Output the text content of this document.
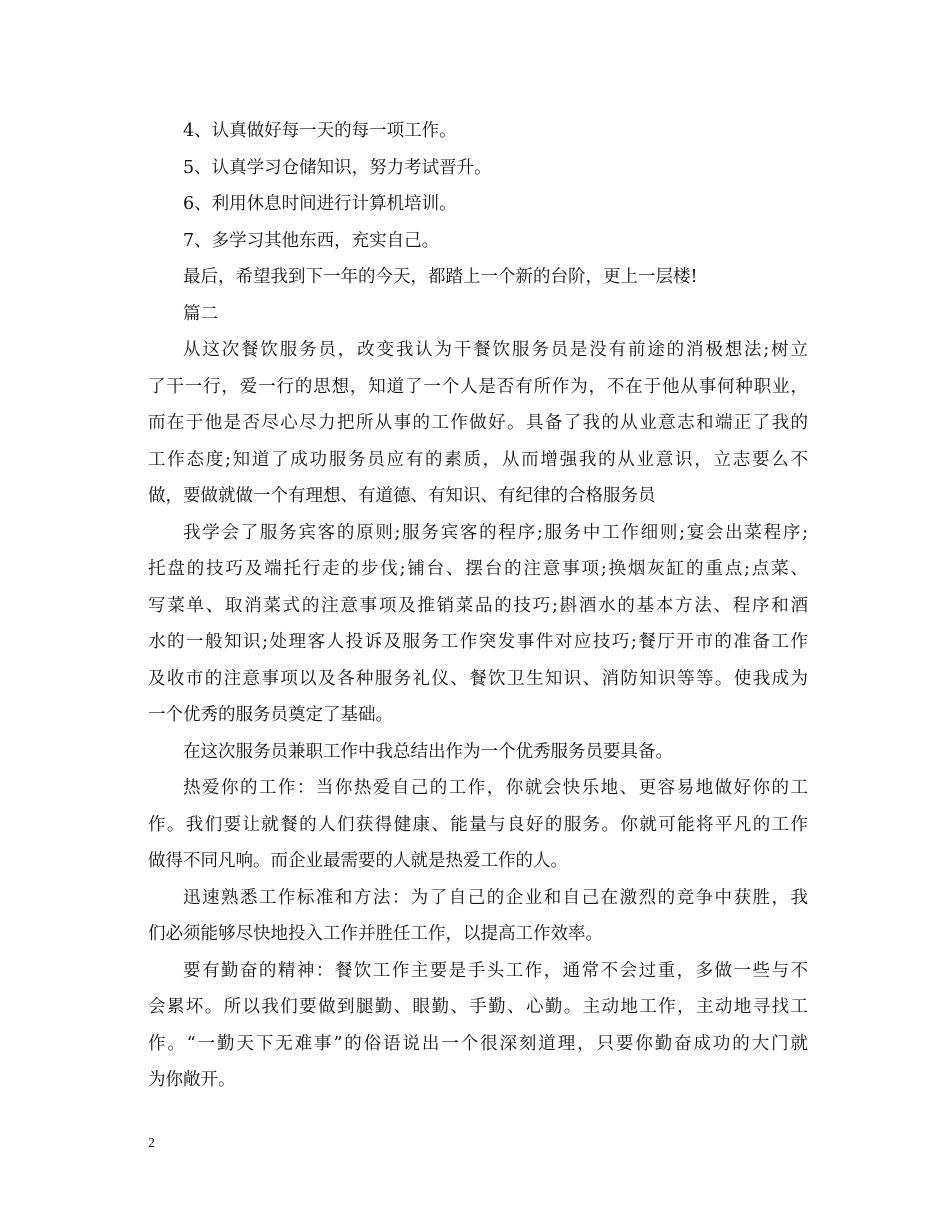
4、认真做好每一天的每一项工作。
5、认真学习仓储知识，努力考试晋升。
6、利用休息时间进行计算机培训。
7、多学习其他东西，充实自己。
最后，希望我到下一年的今天，都踏上一个新的台阶，更上一层楼!
篇二
从这次餐饮服务员，改变我认为干餐饮服务员是没有前途的消极想法;树立
了干一行，爱一行的思想，知道了一个人是否有所作为，不在于他从事何种职业，
而在于他是否尽心尽力把所从事的工作做好。具备了我的从业意志和端正了我的
工作态度;知道了成功服务员应有的素质，从而增强我的从业意识，立志要么不
做，要做就做一个有理想、有道德、有知识、有纪律的合格服务员
我学会了服务宾客的原则;服务宾客的程序;服务中工作细则;宴会出菜程序;
托盘的技巧及端托行走的步伐;铺台、摆台的注意事项;换烟灰缸的重点;点菜、
写菜单、取消菜式的注意事项及推销菜品的技巧;斟酒水的基本方法、程序和酒
水的一般知识;处理客人投诉及服务工作突发事件对应技巧;餐厅开市的准备工作
及收市的注意事项以及各种服务礼仪、餐饮卫生知识、消防知识等等。使我成为
一个优秀的服务员奠定了基础。
在这次服务员兼职工作中我总结出作为一个优秀服务员要具备。
热爱你的工作：当你热爱自己的工作，你就会快乐地、更容易地做好你的工
作。我们要让就餐的人们获得健康、能量与良好的服务。你就可能将平凡的工作
做得不同凡响。而企业最需要的人就是热爱工作的人。
迅速熟悉工作标准和方法：为了自己的企业和自己在激烈的竞争中获胜，我
们必须能够尽快地投入工作并胜任工作，以提高工作效率。
要有勤奋的精神：餐饮工作主要是手头工作，通常不会过重，多做一些与不
会累坏。所以我们要做到腿勤、眼勤、手勤、心勤。主动地工作，主动地寻找工
作。“一勤天下无难事”的俗语说出一个很深刻道理，只要你勤奋成功的大门就
为你敞开。
2
